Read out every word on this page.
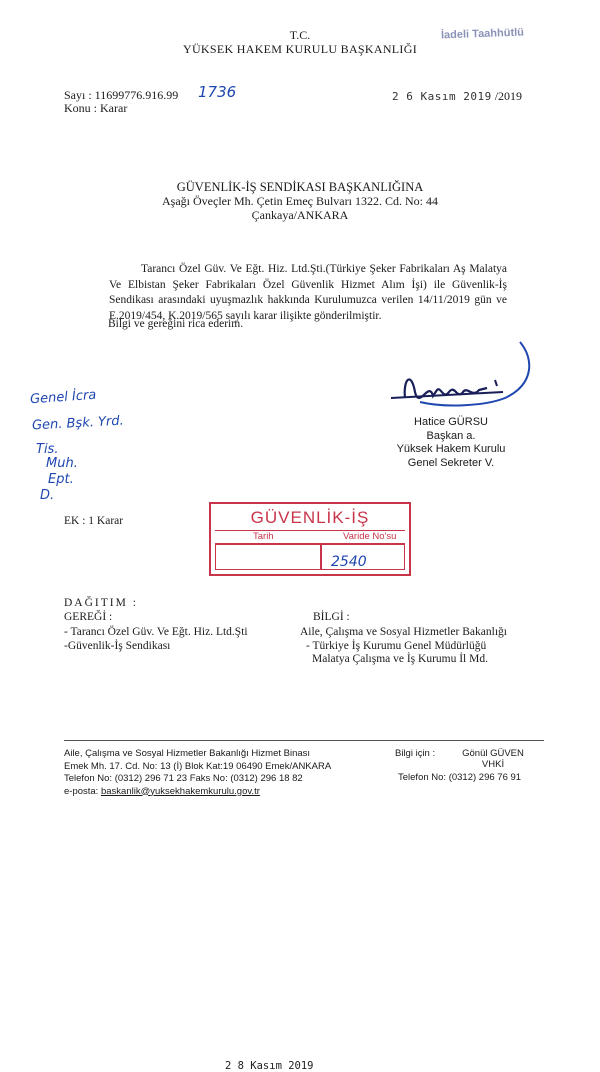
T.C.
YÜKSEK HAKEM KURULU BAŞKANLIĞI
İadeli Taahhütlü
Sayı : 11699776.916.99 1736
Konu : Karar
2 6 Kasım 2019 /2019
GÜVENLİK-İŞ SENDİKASI BAŞKANLIĞINA
Aşağı Öveçler Mh. Çetin Emeç Bulvarı 1322. Cd. No: 44
Çankaya/ANKARA

Tarancı Özel Güv. Ve Eğt. Hiz. Ltd.Şti.(Türkiye Şeker Fabrikaları Aş Malatya Ve Elbistan Şeker Fabrikaları Özel Güvenlik Hizmet Alım İşi) ile Güvenlik-İş Sendikası arasındaki uyuşmazlık hakkında Kurulumuzca verilen 14/11/2019 gün ve E.2019/454, K.2019/565 sayılı karar ilişikte gönderilmiştir.

Bilgi ve gereğini rica ederim.
Hatice GÜRSU
Başkan a.
Yüksek Hakem Kurulu
Genel Sekreter V.
Genel İcra
Gen. Bşk. Yrd.
Tis.
Muh.
Ept.
D.
EK : 1 Karar	GÜVENLİK-İŞ
Tarih	Varide No'su
2 8 Kasım 2019
2540
DAĞITIM :
GEREĞİ :
- Tarancı Özel Güv. Ve Eğt. Hiz. Ltd.Şti
-Güvenlik-İş Sendikası
BİLGİ :
Aile, Çalışma ve Sosyal Hizmetler Bakanlığı
- Türkiye İş Kurumu Genel Müdürlüğü
Malatya Çalışma ve İş Kurumu İl Md.
Aile, Çalışma ve Sosyal Hizmetler Bakanlığı Hizmet Binası
Emek Mh. 17. Cd. No: 13 (İ) Blok Kat:19 06490 Emek/ANKARA
Telefon No: (0312) 296 71 23 Faks No: (0312) 296 18 82
e-posta: baskanlik@yuksekhakemkurulu.gov.tr
Bilgi için :	Gönül GÜVEN
VHKİ
Telefon No: (0312) 296 76 91
